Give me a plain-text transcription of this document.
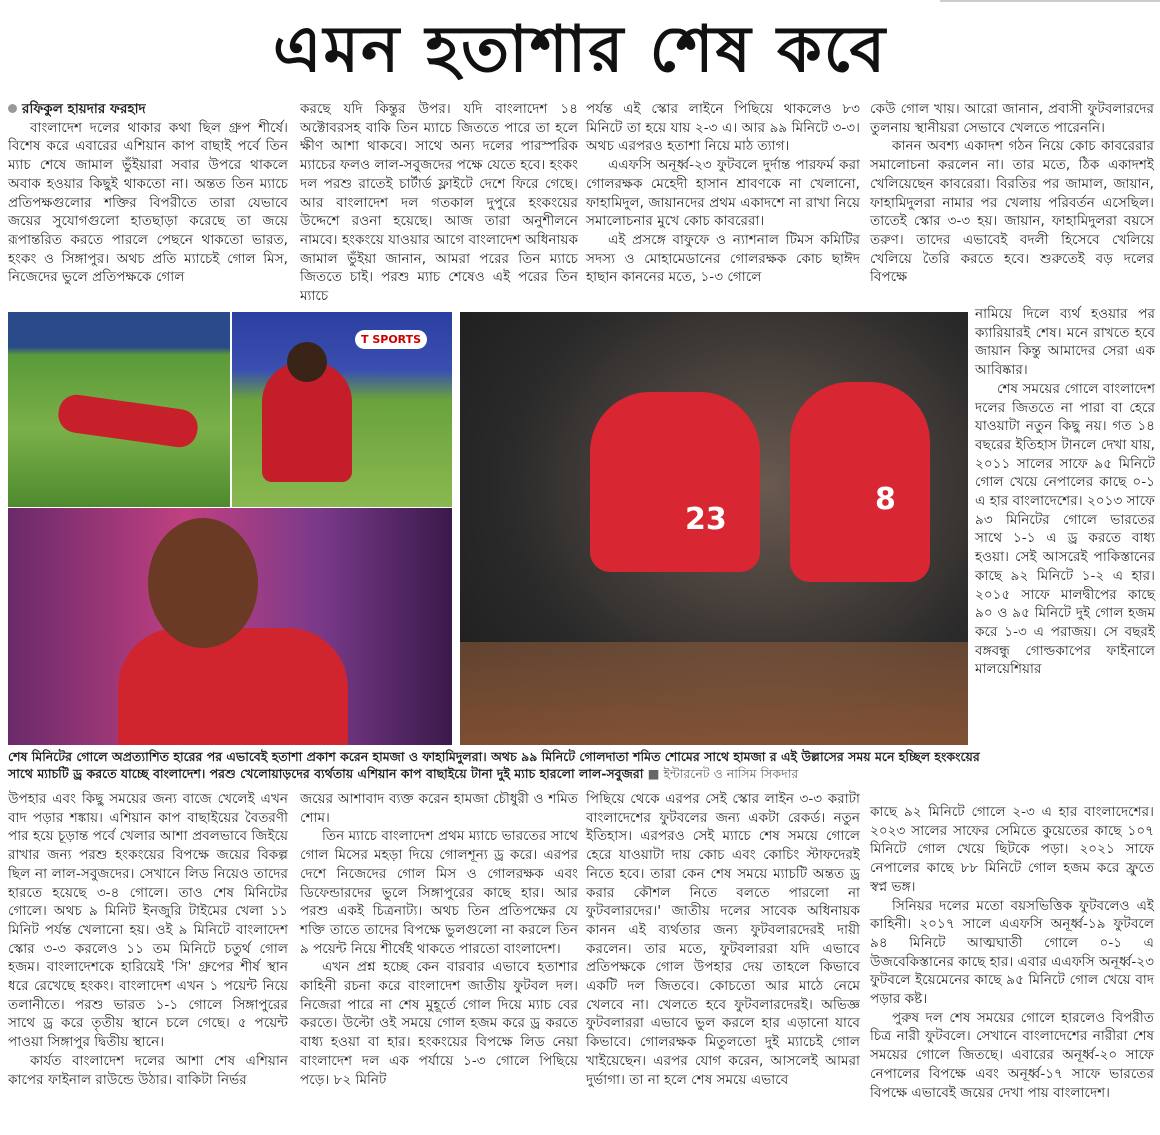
এমন হতাশার শেষ কবে
রফিকুল হায়দার ফরহাদ

বাংলাদেশ দলের থাকার কথা ছিল গ্রুপ শীর্ষে। বিশেষ করে এবারের এশিয়ান কাপ বাছাই পর্বে তিন ম্যাচ শেষে জামাল ভুঁইয়ারা সবার উপরে থাকলে অবাক হওয়ার কিছুই থাকতো না। অন্তত তিন ম্যাচে প্রতিপক্ষগুলোর শক্তির বিপরীতে তারা যেভাবে জয়ের সুযোগগুলো হাতছাড়া করেছে তা জয়ে রূপান্তরিত করতে পারলে পেছনে থাকতো ভারত, হংকং ও সিঙ্গাপুর। অথচ প্রতি ম্যাচেই গোল মিস, নিজেদের ভুলে প্রতিপক্ষকে গোল

করছে যদি কিন্তুর উপর। যদি বাংলাদেশ ১৪ অক্টোবরসহ বাকি তিন ম্যাচে জিততে পারে তা হলে ক্ষীণ আশা থাকবে। সাথে অন্য দলের পারস্পরিক ম্যাচের ফলও লাল-সবুজদের পক্ষে যেতে হবে। হংকং দল পরশু রাতেই চার্টার্ড ফ্লাইটে দেশে ফিরে গেছে। আর বাংলাদেশ দল গতকাল দুপুরে হংকংয়ের উদ্দেশে রওনা হয়েছে। আজ তারা অনুশীলনে নামবে। হংকংয়ে যাওয়ার আগে বাংলাদেশ অধিনায়ক জামাল ভুঁইয়া জানান, আমরা পরের তিন ম্যাচে জিততে চাই। পরশু ম্যাচ শেষেও এই পরের তিন ম্যাচে

পর্যন্ত এই স্কোর লাইনে পিছিয়ে থাকলেও ৮৩ মিনিটে তা হয়ে যায় ২-৩ এ। আর ৯৯ মিনিটে ৩-৩। অথচ এরপরও হতাশা নিয়ে মাঠ ত্যাগ।

এএফসি অনূর্ধ্ব-২৩ ফুটবলে দুর্দান্ত পারফর্ম করা গোলরক্ষক মেহেদী হাসান শ্রাবণকে না খেলানো, ফাহামিদুল, জায়ানদের প্রথম একাদশে না রাখা নিয়ে সমালোচনার মুখে কোচ কাবরেরা।

এই প্রসঙ্গে বাফুফে ও ন্যাশনাল টিমস কমিটির সদস্য ও মোহামেডানের গোলরক্ষক কোচ ছাঈদ হাছান কাননের মতে, ১-৩ গোলে

কেউ গোল খায়। আরো জানান, প্রবাসী ফুটবলারদের তুলনায় স্থানীয়রা সেভাবে খেলতে পারেননি।

কানন অবশ্য একাদশ গঠন নিয়ে কোচ কাবরেরার সমালোচনা করলেন না। তার মতে, ঠিক একাদশই খেলিয়েছেন কাবরেরা। বিরতির পর জামাল, জায়ান, ফাহামিদুলরা নামার পর খেলায় পরিবর্তন এসেছিল। তাতেই স্কোর ৩-৩ হয়। জায়ান, ফাহামিদুলরা বয়সে তরুণ। তাদের এভাবেই বদলী হিসেবে খেলিয়ে খেলিয়ে তৈরি করতে হবে। শুরুতেই বড় দলের বিপক্ষে

T SPORTS
23
8

নামিয়ে দিলে ব্যর্থ হওয়ার পর ক্যারিয়ারই শেষ। মনে রাখতে হবে জায়ান কিন্তু আমাদের সেরা এক আবিষ্কার।

শেষ সময়ের গোলে বাংলাদেশ দলের জিততে না পারা বা হেরে যাওয়াটা নতুন কিছু নয়। গত ১৪ বছরের ইতিহাস টানলে দেখা যায়, ২০১১ সালের সাফে ৯৫ মিনিটে গোল খেয়ে নেপালের কাছে ০-১ এ হার বাংলাদেশের। ২০১৩ সাফে ৯৩ মিনিটের গোলে ভারতের সাথে ১-১ এ ড্র করতে বাধ্য হওয়া। সেই আসরেই পাকিস্তানের কাছে ৯২ মিনিটে ১-২ এ হার। ২০১৫ সাফে মালদ্বীপের কাছে ৯০ ও ৯৫ মিনিটে দুই গোল হজম করে ১-৩ এ পরাজয়। সে বছরই বঙ্গবন্ধু গোল্ডকাপের ফাইনালে মালয়েশিয়ার

শেষ মিনিটের গোলে অপ্রত্যাশিত হারের পর এভাবেই হতাশা প্রকাশ করেন হামজা ও ফাহামিদুলরা। অথচ ৯৯ মিনিটে গোলদাতা শমিত শোমের সাথে হামজা র এই উল্লাসের সময় মনে হচ্ছিল হংকংয়ের সাথে ম্যাচটি ড্র করতে যাচ্ছে বাংলাদেশ। পরশু খেলোয়াড়দের ব্যর্থতায় এশিয়ান কাপ বাছাইয়ে টানা দুই ম্যাচ হারলো লাল-সবুজরা ■ ইন্টারনেট ও নাসিম সিকদার

উপহার এবং কিছু সময়ের জন্য বাজে খেলেই এখন বাদ পড়ার শঙ্কায়। এশিয়ান কাপ বাছাইয়ের বৈতরণী পার হয়ে চূড়ান্ত পর্বে খেলার আশা প্রবলভাবে জিইয়ে রাখার জন্য পরশু হংকংয়ের বিপক্ষে জয়ের বিকল্প ছিল না লাল-সবুজদের। সেখানে লিড নিয়েও তাদের হারতে হয়েছে ৩-৪ গোলে। তাও শেষ মিনিটের গোলে। অথচ ৯ মিনিট ইনজুরি টাইমের খেলা ১১ মিনিট পর্যন্ত খেলানো হয়। ওই ৯ মিনিটে বাংলাদেশ স্কোর ৩-৩ করলেও ১১ তম মিনিটে চতুর্থ গোল হজম। বাংলাদেশকে হারিয়েই 'সি' গ্রুপের শীর্ষ স্থান ধরে রেখেছে হংকং। বাংলাদেশ এখন ১ পয়েন্ট নিয়ে তলানীতে। পরশু ভারত ১-১ গোলে সিঙ্গাপুরের সাথে ড্র করে তৃতীয় স্থানে চলে গেছে। ৫ পয়েন্ট পাওয়া সিঙ্গাপুর দ্বিতীয় স্থানে।

কার্যত বাংলাদেশ দলের আশা শেষ এশিয়ান কাপের ফাইনাল রাউন্ডে উঠার। বাকিটা নির্ভর

জয়ের আশাবাদ ব্যক্ত করেন হামজা চৌধুরী ও শমিত শোম।

তিন ম্যাচে বাংলাদেশ প্রথম ম্যাচে ভারতের সাথে গোল মিসের মহড়া দিয়ে গোলশূন্য ড্র করে। এরপর দেশে নিজেদের গোল মিস ও গোলরক্ষক এবং ডিফেন্ডারদের ভুলে সিঙ্গাপুরের কাছে হার। আর পরশু একই চিত্রনাট্য। অথচ তিন প্রতিপক্ষের যে শক্তি তাতে তাদের বিপক্ষে ভুলগুলো না করলে তিন ৯ পয়েন্ট নিয়ে শীর্ষেই থাকতে পারতো বাংলাদেশ।

এখন প্রশ্ন হচ্ছে কেন বারবার এভাবে হতাশার কাহিনী রচনা করে বাংলাদেশ জাতীয় ফুটবল দল। নিজেরা পারে না শেষ মুহূর্তে গোল দিয়ে ম্যাচ বের করতে। উল্টো ওই সময়ে গোল হজম করে ড্র করতে বাধ্য হওয়া বা হার। হংকংয়ের বিপক্ষে লিড নেয়া বাংলাদেশ দল এক পর্যায়ে ১-৩ গোলে পিছিয়ে পড়ে। ৮২ মিনিট

পিছিয়ে থেকে এরপর সেই স্কোর লাইন ৩-৩ করাটা বাংলাদেশের ফুটবলের জন্য একটা রেকর্ড। নতুন ইতিহাস। এরপরও সেই ম্যাচে শেষ সময়ে গোলে হেরে যাওয়াটা দায় কোচ এবং কোচিং স্টাফদেরই নিতে হবে। তারা কেন শেষ সময়ে ম্যাচটি অন্তত ড্র করার কৌশল নিতে বলতে পারলো না ফুটবলারদের।' জাতীয় দলের সাবেক অধিনায়ক কানন এই ব্যর্থতার জন্য ফুটবলারদেরই দায়ী করলেন। তার মতে, ফুটবলাররা যদি এভাবে প্রতিপক্ষকে গোল উপহার দেয় তাহলে কিভাবে একটি দল জিতবে। কোচতো আর মাঠে নেমে খেলবে না। খেলতে হবে ফুটবলারদেরই। অভিজ্ঞ ফুটবলাররা এভাবে ভুল করলে হার এড়ানো যাবে কিভাবে। গোলরক্ষক মিতুলতো দুই ম্যাচেই গোল খাইয়েছেন। এরপর যোগ করেন, আসলেই আমরা দুর্ভাগা। তা না হলে শেষ সময়ে এভাবে

কাছে ৯২ মিনিটে গোলে ২-৩ এ হার বাংলাদেশের। ২০২৩ সালের সাফের সেমিতে কুয়েতের কাছে ১০৭ মিনিটে গোল খেয়ে ছিটকে পড়া। ২০২১ সাফে নেপালের কাছে ৮৮ মিনিটে গোল হজম করে ফ্রুতে স্বপ্ন ভঙ্গ।

সিনিয়র দলের মতো বয়সভিত্তিক ফুটবলেও এই কাহিনী। ২০১৭ সালে এএফসি অনূর্ধ্ব-১৯ ফুটবলে ৯৪ মিনিটে আত্মঘাতী গোলে ০-১ এ উজবেকিস্তানের কাছে হার। এবার এএফসি অনূর্ধ্ব-২৩ ফুটবলে ইয়েমেনের কাছে ৯৫ মিনিটে গোল খেয়ে বাদ পড়ার কষ্ট।

পুরুষ দল শেষ সময়ের গোলে হারলেও বিপরীত চিত্র নারী ফুটবলে। সেখানে বাংলাদেশের নারীরা শেষ সময়ের গোলে জিতছে। এবারের অনূর্ধ্ব-২০ সাফে নেপালের বিপক্ষে এবং অনূর্ধ্ব-১৭ সাফে ভারতের বিপক্ষে এভাবেই জয়ের দেখা পায় বাংলাদেশ।
